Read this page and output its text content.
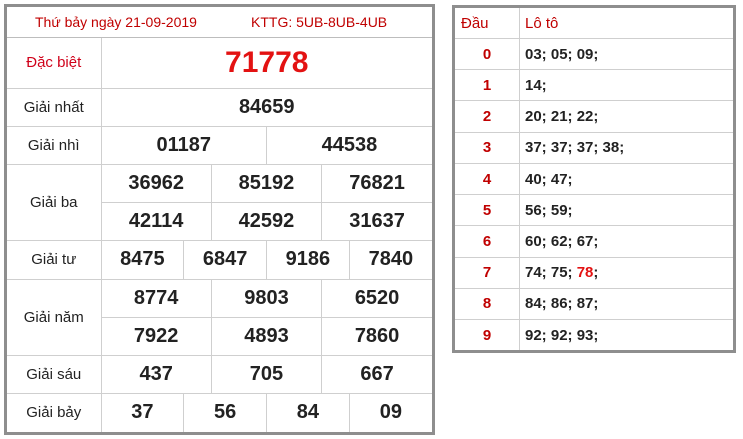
Thứ bảy ngày 21-09-2019	KTTG: 5UB-8UB-4UB
Đặc biệt	71778					
Giải nhất	84659					
Giải nhì	01187			44538		
Giải ba	36962		85192		76821	
	42114		42592		31637	
Giải tư	8475	6847		9186		7840
Giải năm	8774		9803		6520	
	7922		4893		7860	
Giải sáu	437		705		667	
Giải bảy	37	56		84		09
Đầu	Lô tô
0	03; 05; 09;
1	14;
2	20; 21; 22;
3	37; 37; 37; 38;
4	40; 47;
5	56; 59;
6	60; 62; 67;
7	74; 75; 78;
8	84; 86; 87;
9	92; 92; 93;
